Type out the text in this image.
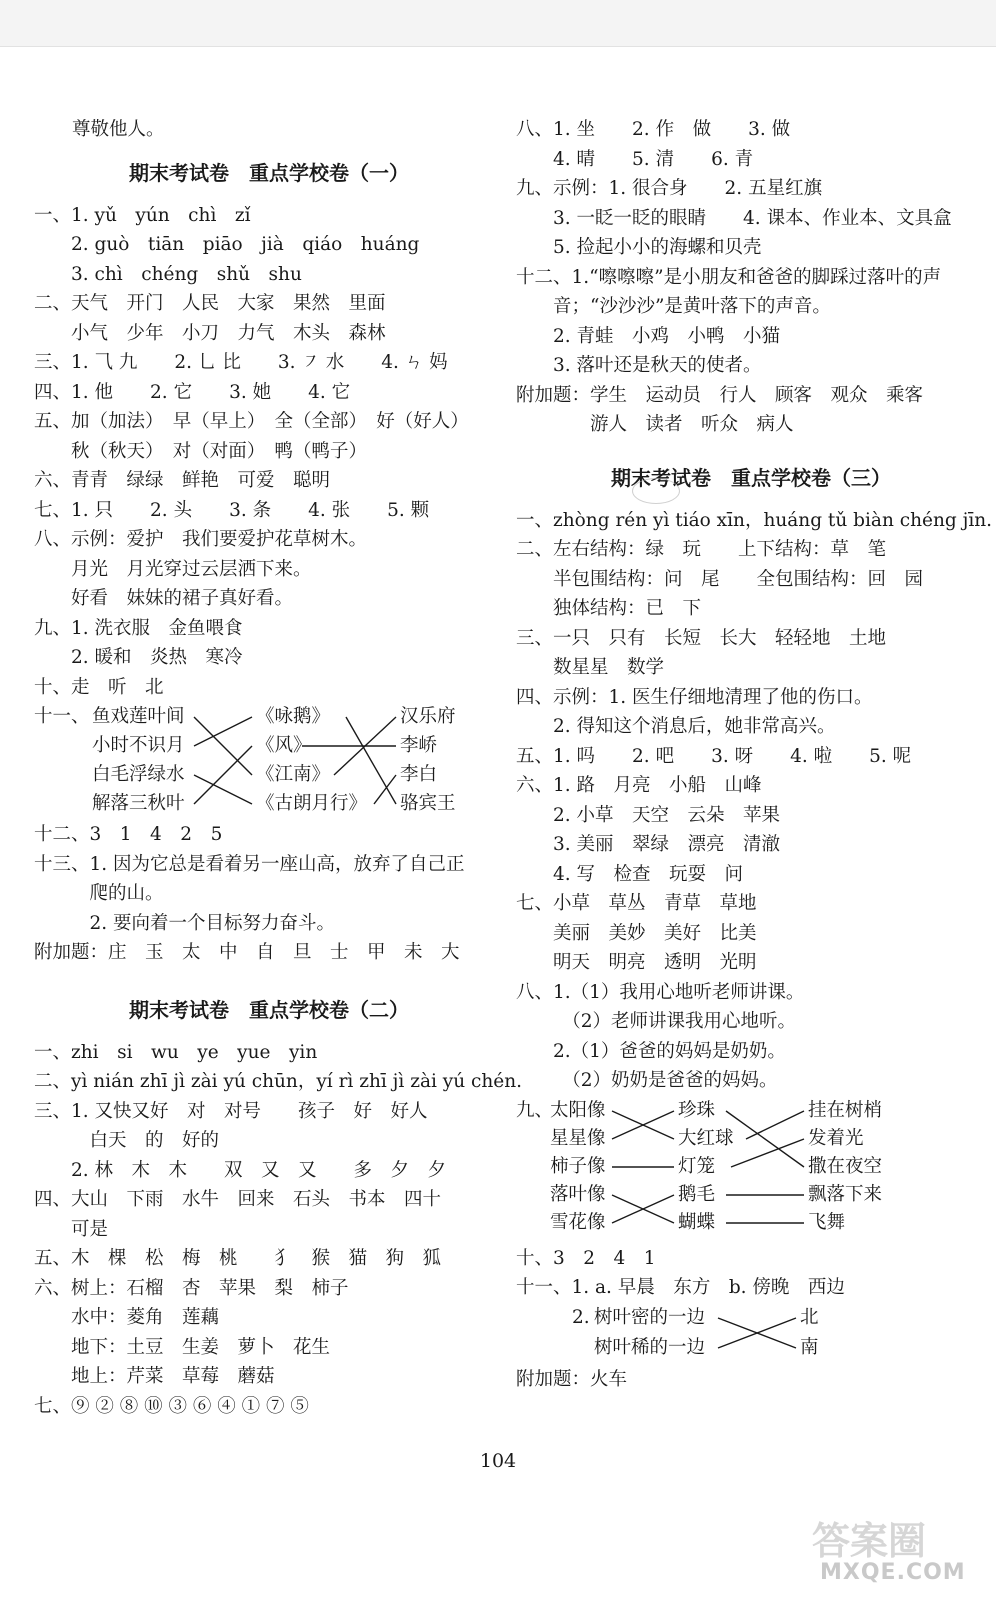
尊敬他人。
期末考试卷　重点学校卷（一）
一、1. yǔ　yún　chì　zǐ
　　2. guò　tiān　piāo　jià　qiáo　huáng
　　3. chì　chéng　shǔ　shu
二、天气　开门　人民　大家　果然　里面
　　小气　少年　小刀　力气　木头　森林
三、1. ⺄ 九　　2. ⺃ 比　　3. ㇇ 水　　4. ㄣ 妈
四、1. 他　　2. 它　　3. 她　　4. 它
五、加（加法）　早（早上）　全（全部）　好（好人）
　　秋（秋天）　对（对面）　鸭（鸭子）
六、青青　绿绿　鲜艳　可爱　聪明
七、1. 只　　2. 头　　3. 条　　4. 张　　5. 颗
八、示例：爱护　我们要爱护花草树木。
　　月光　月光穿过云层洒下来。
　　好看　妹妹的裙子真好看。
九、1. 洗衣服　金鱼喂食
　　2. 暖和　炎热　寒冷
十、走　听　北
十一、 鱼戏莲叶间
小时不识月
白毛浮绿水
解落三秋叶
《咏鹅》
《风》
《江南》
《古朗月行》
汉乐府
李峤
李白
骆宾王
十二、3　1　4　2　5
十三、1. 因为它总是看着另一座山高，放弃了自己正
　　　爬的山。
　　　2. 要向着一个目标努力奋斗。
附加题：庄　玉　太　中　自　旦　士　甲　未　大
期末考试卷　重点学校卷（二）
一、zhi　si　wu　ye　yue　yin
二、yì nián zhī jì zài yú chūn，yí rì zhī jì zài yú chén.
三、1. 又快又好　对　对号　　孩子　好　好人
　　　白天　的　好的
　　2. 林　木　木　　双　又　又　　多　夕　夕
四、大山　下雨　水牛　回来　石头　书本　四十
　　可是
五、木　棵　松　梅　桃　　犭　猴　猫　狗　狐
六、树上：石榴　杏　苹果　梨　柿子
　　水中：菱角　莲藕
　　地下：土豆　生姜　萝卜　花生
　　地上：芹菜　草莓　蘑菇
七、⑨ ② ⑧ ⑩ ③ ⑥ ④ ① ⑦ ⑤
八、1. 坐　　2. 作　做　　3. 做
　　4. 晴　　5. 清　　6. 青
九、示例：1. 很合身　　2. 五星红旗
　　3. 一眨一眨的眼睛　　4. 课本、作业本、文具盒
　　5. 捡起小小的海螺和贝壳
十二、1.“嚓嚓嚓”是小朋友和爸爸的脚踩过落叶的声
　　音；“沙沙沙”是黄叶落下的声音。
　　2. 青蛙　小鸡　小鸭　小猫
　　3. 落叶还是秋天的使者。
附加题：学生　运动员　行人　顾客　观众　乘客
　　　　游人　读者　听众　病人
期末考试卷　重点学校卷（三）
一、zhòng rén yì tiáo xīn，huáng tǔ biàn chéng jīn.
二、左右结构：绿　玩　　上下结构：草　笔
　　半包围结构：问　尾　　全包围结构：回　园
　　独体结构：已　下
三、一只　只有　长短　长大　轻轻地　土地
　　数星星　数学
四、示例：1. 医生仔细地清理了他的伤口。
　　2. 得知这个消息后，她非常高兴。
五、1. 吗　　2. 吧　　3. 呀　　4. 啦　　5. 呢
六、1. 路　月亮　小船　山峰
　　2. 小草　天空　云朵　苹果
　　3. 美丽　翠绿　漂亮　清澈
　　4. 写　检查　玩耍　问
七、小草　草丛　青草　草地
　　美丽　美妙　美好　比美
　　明天　明亮　透明　光明
八、1.（1）我用心地听老师讲课。
　　　（2）老师讲课我用心地听。
　　2.（1）爸爸的妈妈是奶奶。
　　　（2）奶奶是爸爸的妈妈。
九、
太阳像
星星像
柿子像
落叶像
雪花像
珍珠
大红球
灯笼
鹅毛
蝴蝶
挂在树梢
发着光
撒在夜空
飘落下来
飞舞
十、3　2　4　1
十一、1. a. 早晨　东方　b. 傍晚　西边
2. 树叶密的一边
树叶稀的一边
北
南
附加题：火车
104
答案圈
MXQE.COM
